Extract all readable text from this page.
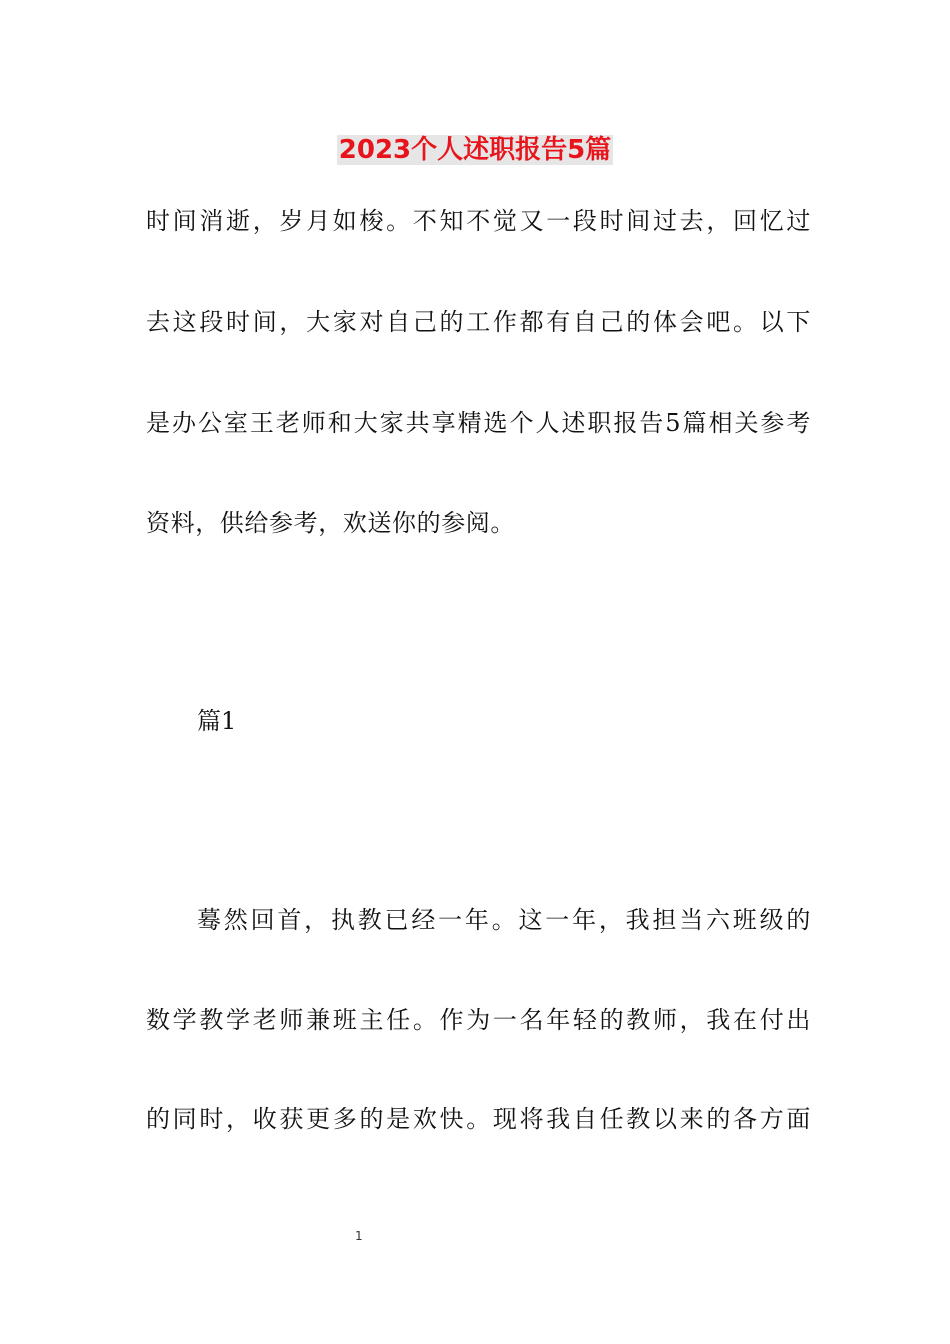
2023个人述职报告5篇
时间消逝，岁月如梭。不知不觉又一段时间过去，回忆过
去这段时间，大家对自己的工作都有自己的体会吧。以下
是办公室王老师和大家共享精选个人述职报告5篇相关参考
资料，供给参考，欢送你的参阅。
篇1
蓦然回首，执教已经一年。这一年，我担当六班级的
数学教学老师兼班主任。作为一名年轻的教师，我在付出
的同时，收获更多的是欢快。现将我自任教以来的各方面
1
